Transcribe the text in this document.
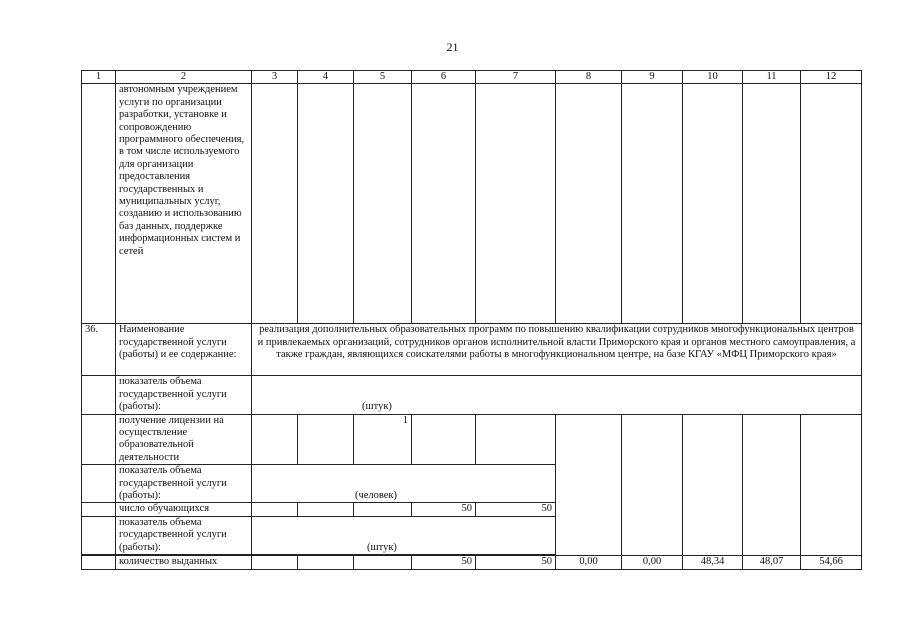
21
1	2	3	4	5	6	7	8	9	10	11	12
	автономным учреждением услуги по организации разработки, установке и сопровождению программного обеспечения, в том числе используемого для организации предоставления государственных и муниципальных услуг, созданию и использованию баз данных, поддержке информационных систем и сетей										
36.	Наименование государственной услуги (работы) и ее содержание:	реализация дополнительных образовательных программ по повышению квалификации сотрудников многофункциональных центров и привлекаемых организаций, сотрудников органов исполнительной власти Приморского края и органов местного самоуправления, а также граждан, являющихся соискателями работы в многофункциональном центре, на базе КГАУ «МФЦ Приморского края»									
	показатель объема государственной услуги (работы):	(штук)									

	получение лицензии на осуществление образовательной деятельности			1							
	показатель объема государственной услуги (работы):	(человек)									

	число обучающихся				50	50					
	показатель объема государственной услуги (работы):	(штук)									

	количество выданных				50	50	0,00	0,00	48,34	48,07	54,66
